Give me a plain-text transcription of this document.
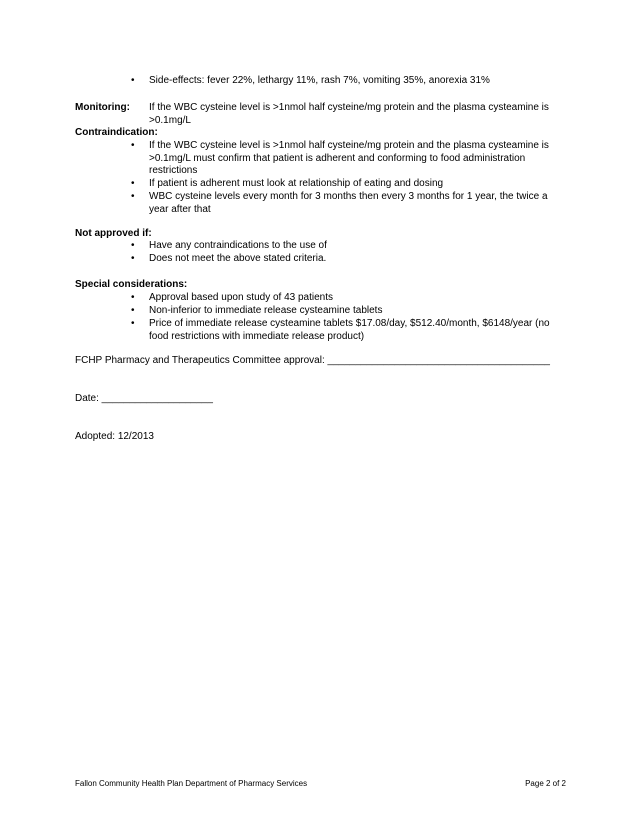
•
Side-effects: fever 22%, lethargy 11%, rash 7%, vomiting 35%, anorexia 31%
Monitoring: If the WBC cysteine level is >1nmol half cysteine/mg protein and the plasma cysteamine is >0.1mg/L
Contraindication:
•
If the WBC cysteine level is >1nmol half cysteine/mg protein and the plasma cysteamine is >0.1mg/L must confirm that patient is adherent and conforming to food administration restrictions
•
If patient is adherent must look at relationship of eating and dosing
•
WBC cysteine levels every month for 3 months then every 3 months for 1 year, the twice a year after that
Not approved if:
•
Have any contraindications to the use of
•
Does not meet the above stated criteria.
Special considerations:
•
Approval based upon study of 43 patients
•
Non-inferior to immediate release cysteamine tablets
•
Price of immediate release cysteamine tablets $17.08/day, $512.40/month, $6148/year (no food restrictions with immediate release product)
FCHP Pharmacy and Therapeutics Committee approval: ________________________________________
Date: ____________________
Adopted: 12/2013
Fallon Community Health Plan Department of Pharmacy Services	Page 2 of 2
